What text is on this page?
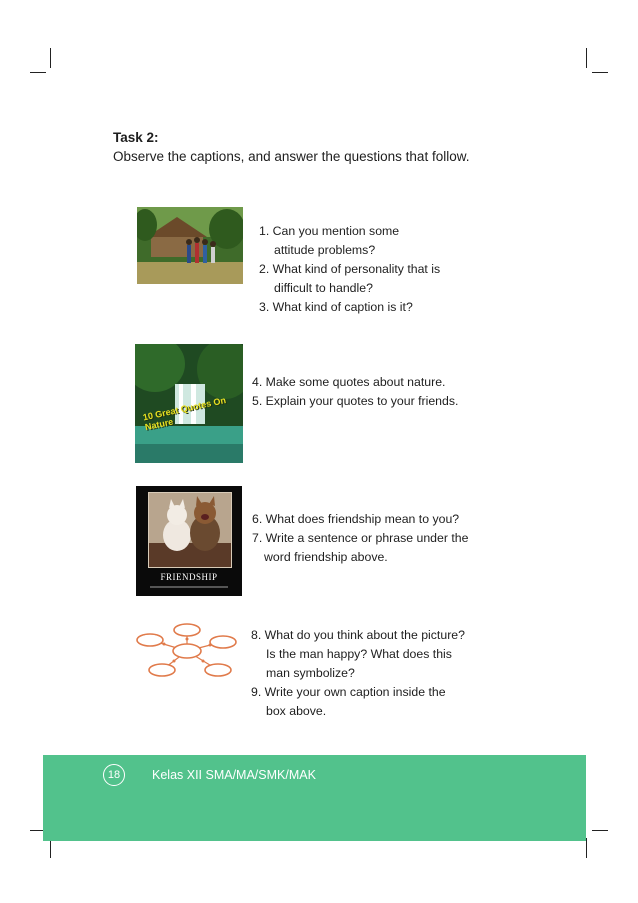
Task 2:
Observe the captions, and answer the questions that follow.
1. Can you mention some
attitude problems?
2. What kind of personality that is
difficult to handle?
3. What kind of caption is it?
10 Great Quotes On Nature
4. Make some quotes about nature.
5. Explain your quotes to your friends.
FRIENDSHIP
6. What does friendship mean to you?
7. Write a sentence or phrase under the
word friendship above.
8. What do you think about the picture?
Is the man happy? What does this
man symbolize?
9. Write your own caption inside the
box above.
18	Kelas XII SMA/MA/SMK/MAK
